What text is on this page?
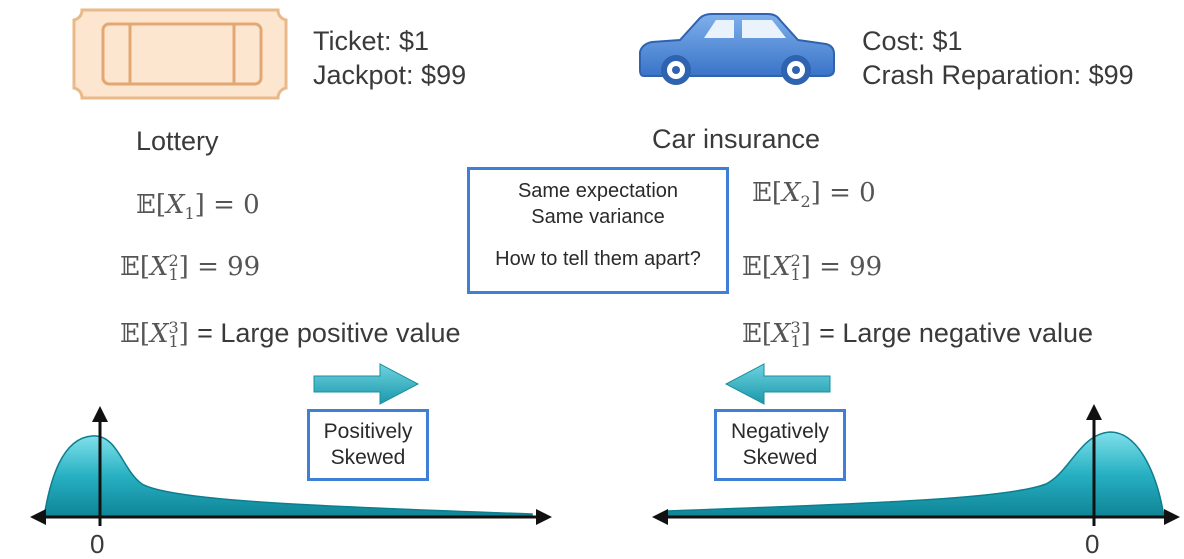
Ticket: $1
Jackpot: $99
Lottery
Cost: $1
Crash Reparation: $99
Car insurance
$𝔼[X_1] = 0$
𝔼[X 2
1 ] = 99
𝔼[X 3
1 ] = Large positive value
$𝔼[X_2] = 0$
𝔼[X 2
1 ] = 99
𝔼[X 3
1 ] = Large negative value
Same expectation
Same variance
How to tell them apart?
Positively
Skewed
Negatively
Skewed
0	0
